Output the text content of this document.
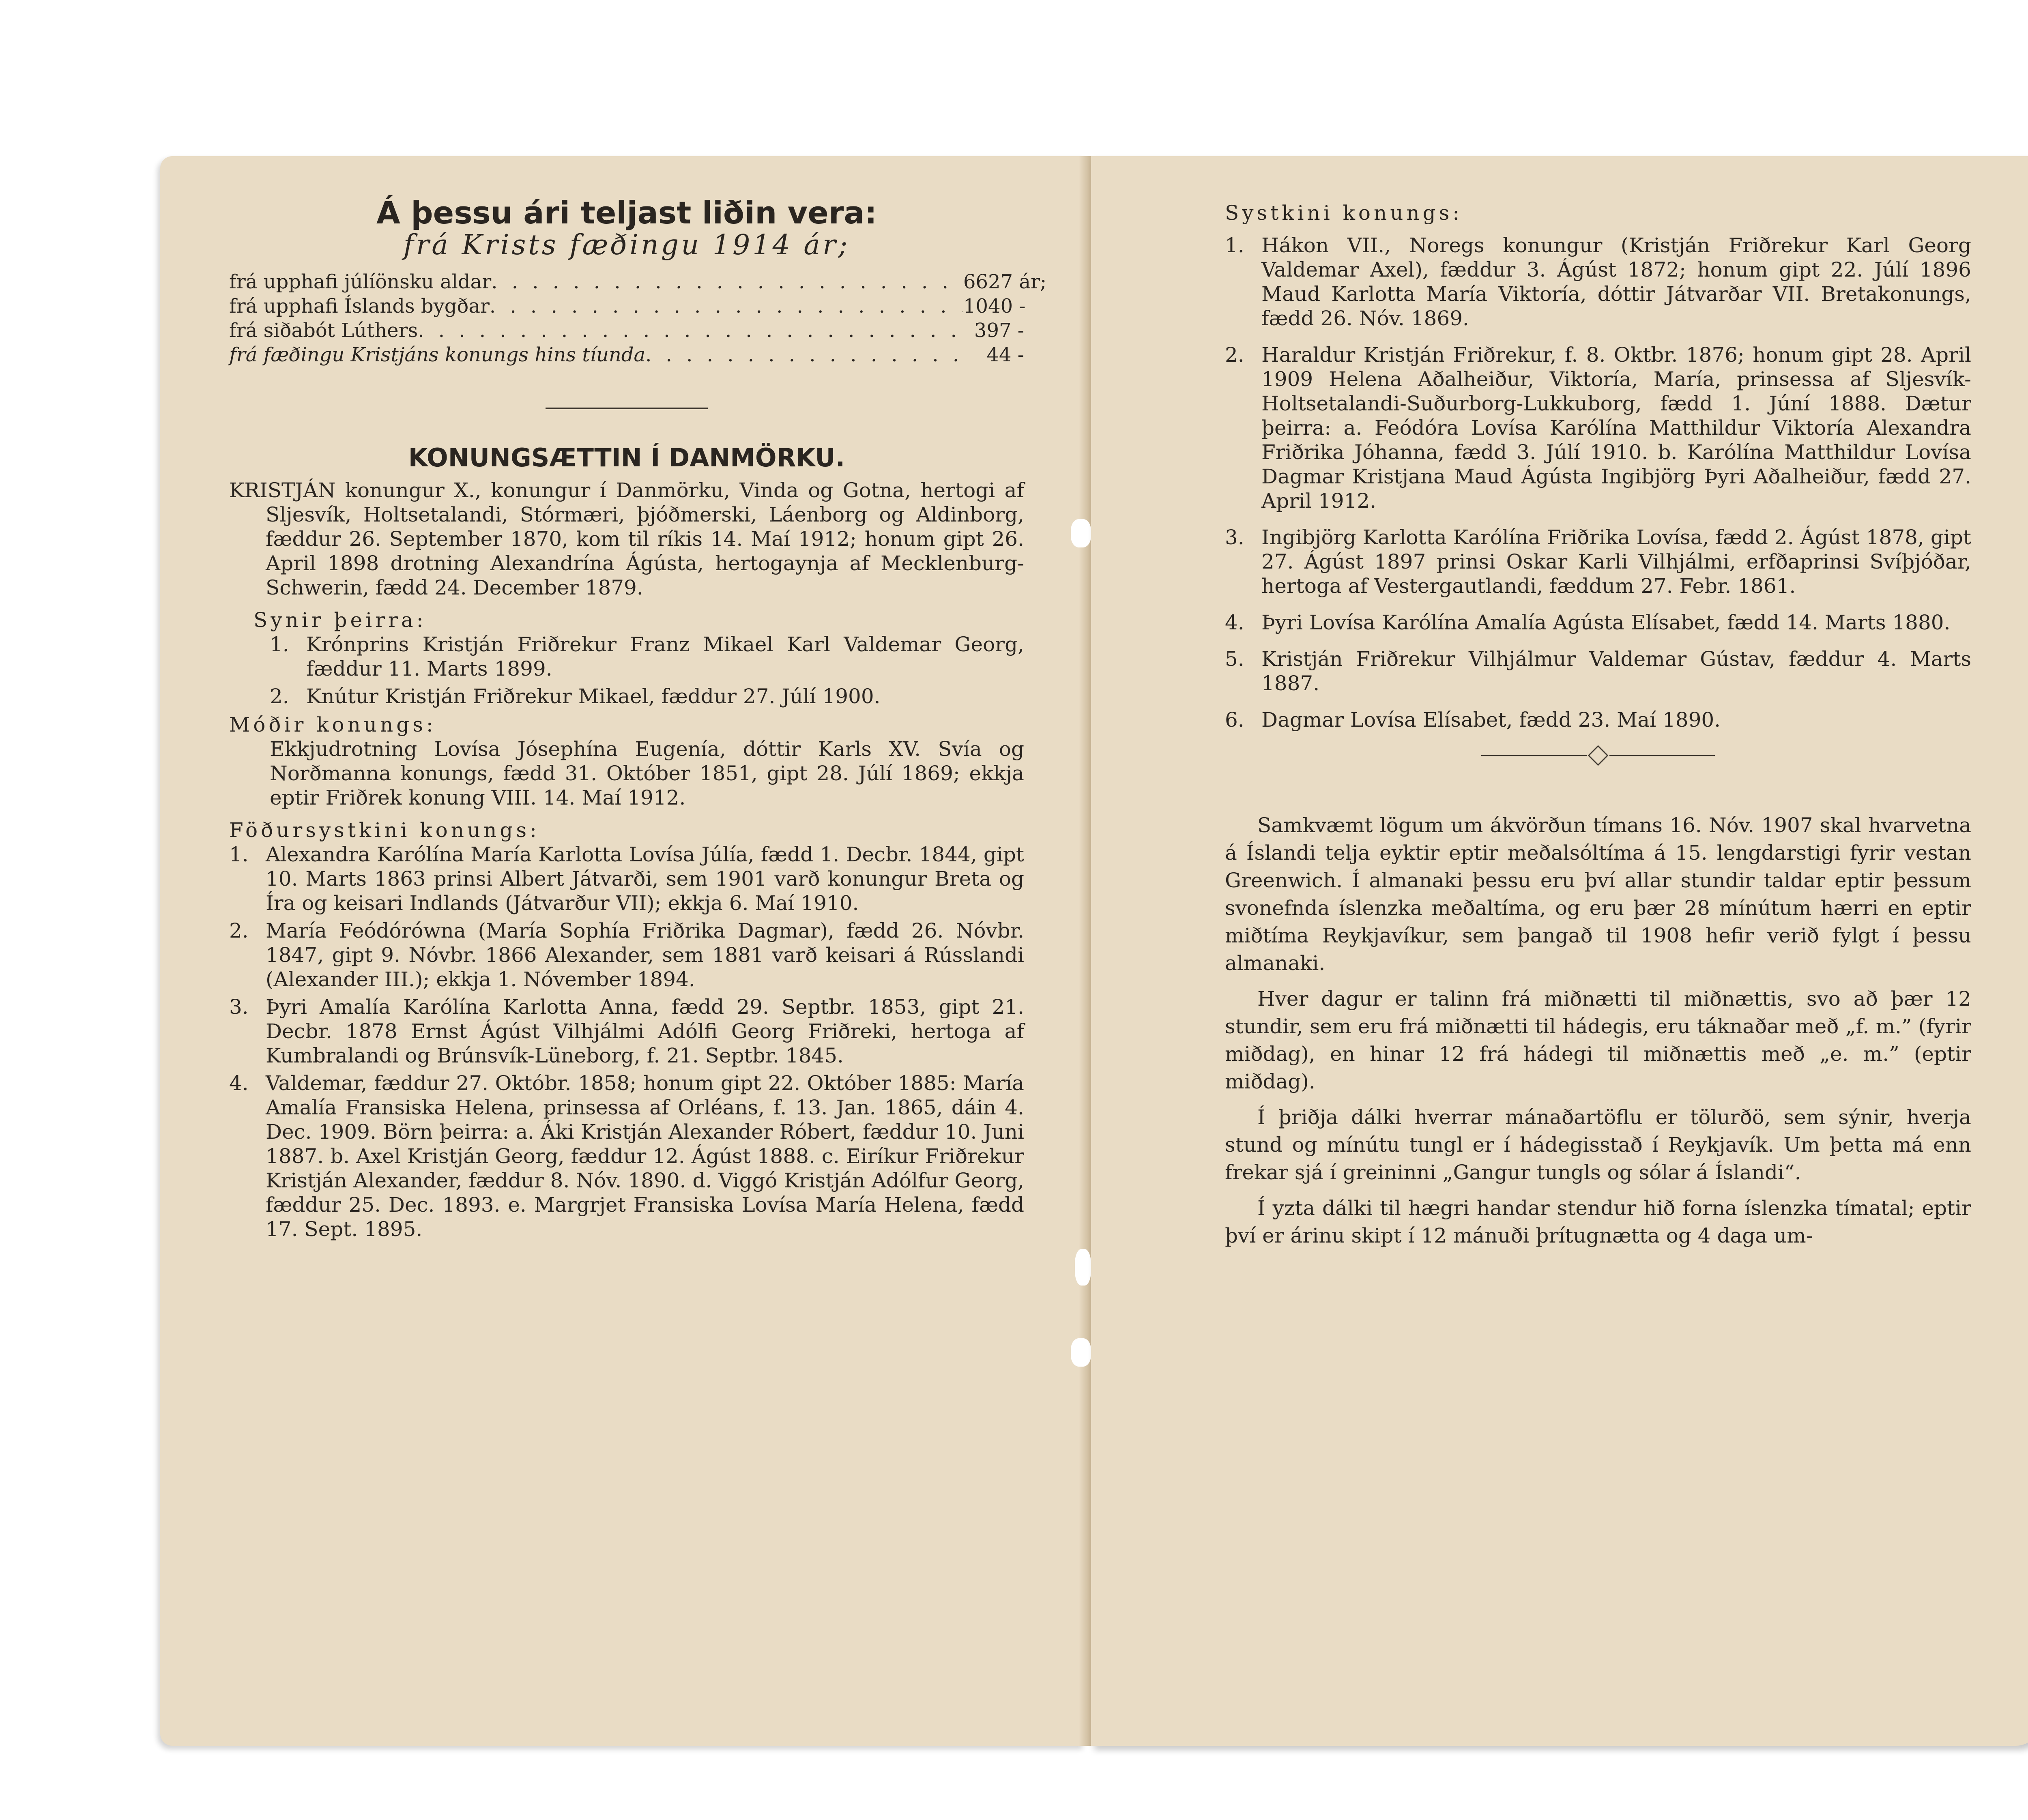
Á þessu ári teljast liðin vera:
frá Krists fæðingu 1914 ár;
frá upphafi júlíönsku aldar . . .	6627 ár;
frá upphafi Íslands bygðar . . .	1040 -
frá siðabót Lúthers . . .	397 -
frá fæðingu Kristjáns konungs hins tíunda . . .	44 -
KONUNGSÆTTIN Í DANMÖRKU.
KRISTJÁN konungur X., konungur í Danmörku, Vinda og Gotna, hertogi af Sljesvík, Holtsetalandi, Stórmæri, þjóðmerski, Láenborg og Aldinborg, fæddur 26. September 1870, kom til ríkis 14. Maí 1912; honum gipt 26. April 1898 drotning Alexandrína Ágústa, hertogaynja af Mecklenburg-Schwerin, fædd 24. December 1879.
Synir þeirra:
1. Krónprins Kristján Friðrekur Franz Mikael Karl Valdemar Georg, fæddur 11. Marts 1899.
2. Knútur Kristján Friðrekur Mikael, fæddur 27. Júlí 1900.
Móðir konungs:
Ekkjudrotning Lovísa Jósephína Eugenía, dóttir Karls XV. Svía og Norðmanna konungs, fædd 31. Október 1851, gipt 28. Júlí 1869; ekkja eptir Friðrek konung VIII. 14. Maí 1912.
Föðursystkini konungs:
1. Alexandra Karólína María Karlotta Lovísa Júlía, fædd 1. Decbr. 1844, gipt 10. Marts 1863 prinsi Albert Játvarði, sem 1901 varð konungur Breta og Íra og keisari Indlands (Játvarður VII); ekkja 6. Maí 1910.
2. María Feódórówna (María Sophía Friðrika Dagmar), fædd 26. Nóvbr. 1847, gipt 9. Nóvbr. 1866 Alexander, sem 1881 varð keisari á Rússlandi (Alexander III.); ekkja 1. Nóvember 1894.
3. Þyri Amalía Karólína Karlotta Anna, fædd 29. Septbr. 1853, gipt 21. Decbr. 1878 Ernst Ágúst Vilhjálmi Adólfi Georg Friðreki, hertoga af Kumbralandi og Brúnsvík-Lüneborg, f. 21. Septbr. 1845.
4. Valdemar, fæddur 27. Októbr. 1858; honum gipt 22. Október 1885: María Amalía Fransiska Helena, prinsessa af Orléans, f. 13. Jan. 1865, dáin 4. Dec. 1909. Börn þeirra: a. Áki Kristján Alexander Róbert, fæddur 10. Juni 1887. b. Axel Kristján Georg, fæddur 12. Ágúst 1888. c. Eiríkur Friðrekur Kristján Alexander, fæddur 8. Nóv. 1890. d. Viggó Kristján Adólfur Georg, fæddur 25. Dec. 1893. e. Margrjet Fransiska Lovísa María Helena, fædd 17. Sept. 1895.
Systkini konungs:
1. Hákon VII., Noregs konungur (Kristján Friðrekur Karl Georg Valdemar Axel), fæddur 3. Ágúst 1872; honum gipt 22. Júlí 1896 Maud Karlotta María Viktoría, dóttir Játvarðar VII. Bretakonungs, fædd 26. Nóv. 1869.
2. Haraldur Kristján Friðrekur, f. 8. Oktbr. 1876; honum gipt 28. April 1909 Helena Aðalheiður, Viktoría, María, prinsessa af Sljesvík-Holtsetalandi-Suðurborg-Lukkuborg, fædd 1. Júní 1888. Dætur þeirra: a. Feódóra Lovísa Karólína Matthildur Viktoría Alexandra Friðrika Jóhanna, fædd 3. Júlí 1910. b. Karólína Matthildur Lovísa Dagmar Kristjana Maud Ágústa Ingibjörg Þyri Aðalheiður, fædd 27. April 1912.
3. Ingibjörg Karlotta Karólína Friðrika Lovísa, fædd 2. Ágúst 1878, gipt 27. Ágúst 1897 prinsi Oskar Karli Vilhjálmi, erfðaprinsi Svíþjóðar, hertoga af Vestergautlandi, fæddum 27. Febr. 1861.
4. Þyri Lovísa Karólína Amalía Agústa Elísabet, fædd 14. Marts 1880.
5. Kristján Friðrekur Vilhjálmur Valdemar Gústav, fæddur 4. Marts 1887.
6. Dagmar Lovísa Elísabet, fædd 23. Maí 1890.
Samkvæmt lögum um ákvörðun tímans 16. Nóv. 1907 skal hvarvetna á Íslandi telja eyktir eptir meðalsóltíma á 15. lengdarstigi fyrir vestan Greenwich. Í almanaki þessu eru því allar stundir taldar eptir þessum svonefnda íslenzka meðaltíma, og eru þær 28 mínútum hærri en eptir miðtíma Reykjavíkur, sem þangað til 1908 hefir verið fylgt í þessu almanaki.
Hver dagur er talinn frá miðnætti til miðnættis, svo að þær 12 stundir, sem eru frá miðnætti til hádegis, eru táknaðar með „f. m.” (fyrir miðdag), en hinar 12 frá hádegi til miðnættis með „e. m.” (eptir miðdag).
Í þriðja dálki hverrar mánaðartöflu er tölurðö, sem sýnir, hverja stund og mínútu tungl er í hádegisstað í Reykjavík. Um þetta má enn frekar sjá í greininni „Gangur tungls og sólar á Íslandi“.
Í yzta dálki til hægri handar stendur hið forna íslenzka tímatal; eptir því er árinu skipt í 12 mánuði þrítugnætta og 4 daga um-
